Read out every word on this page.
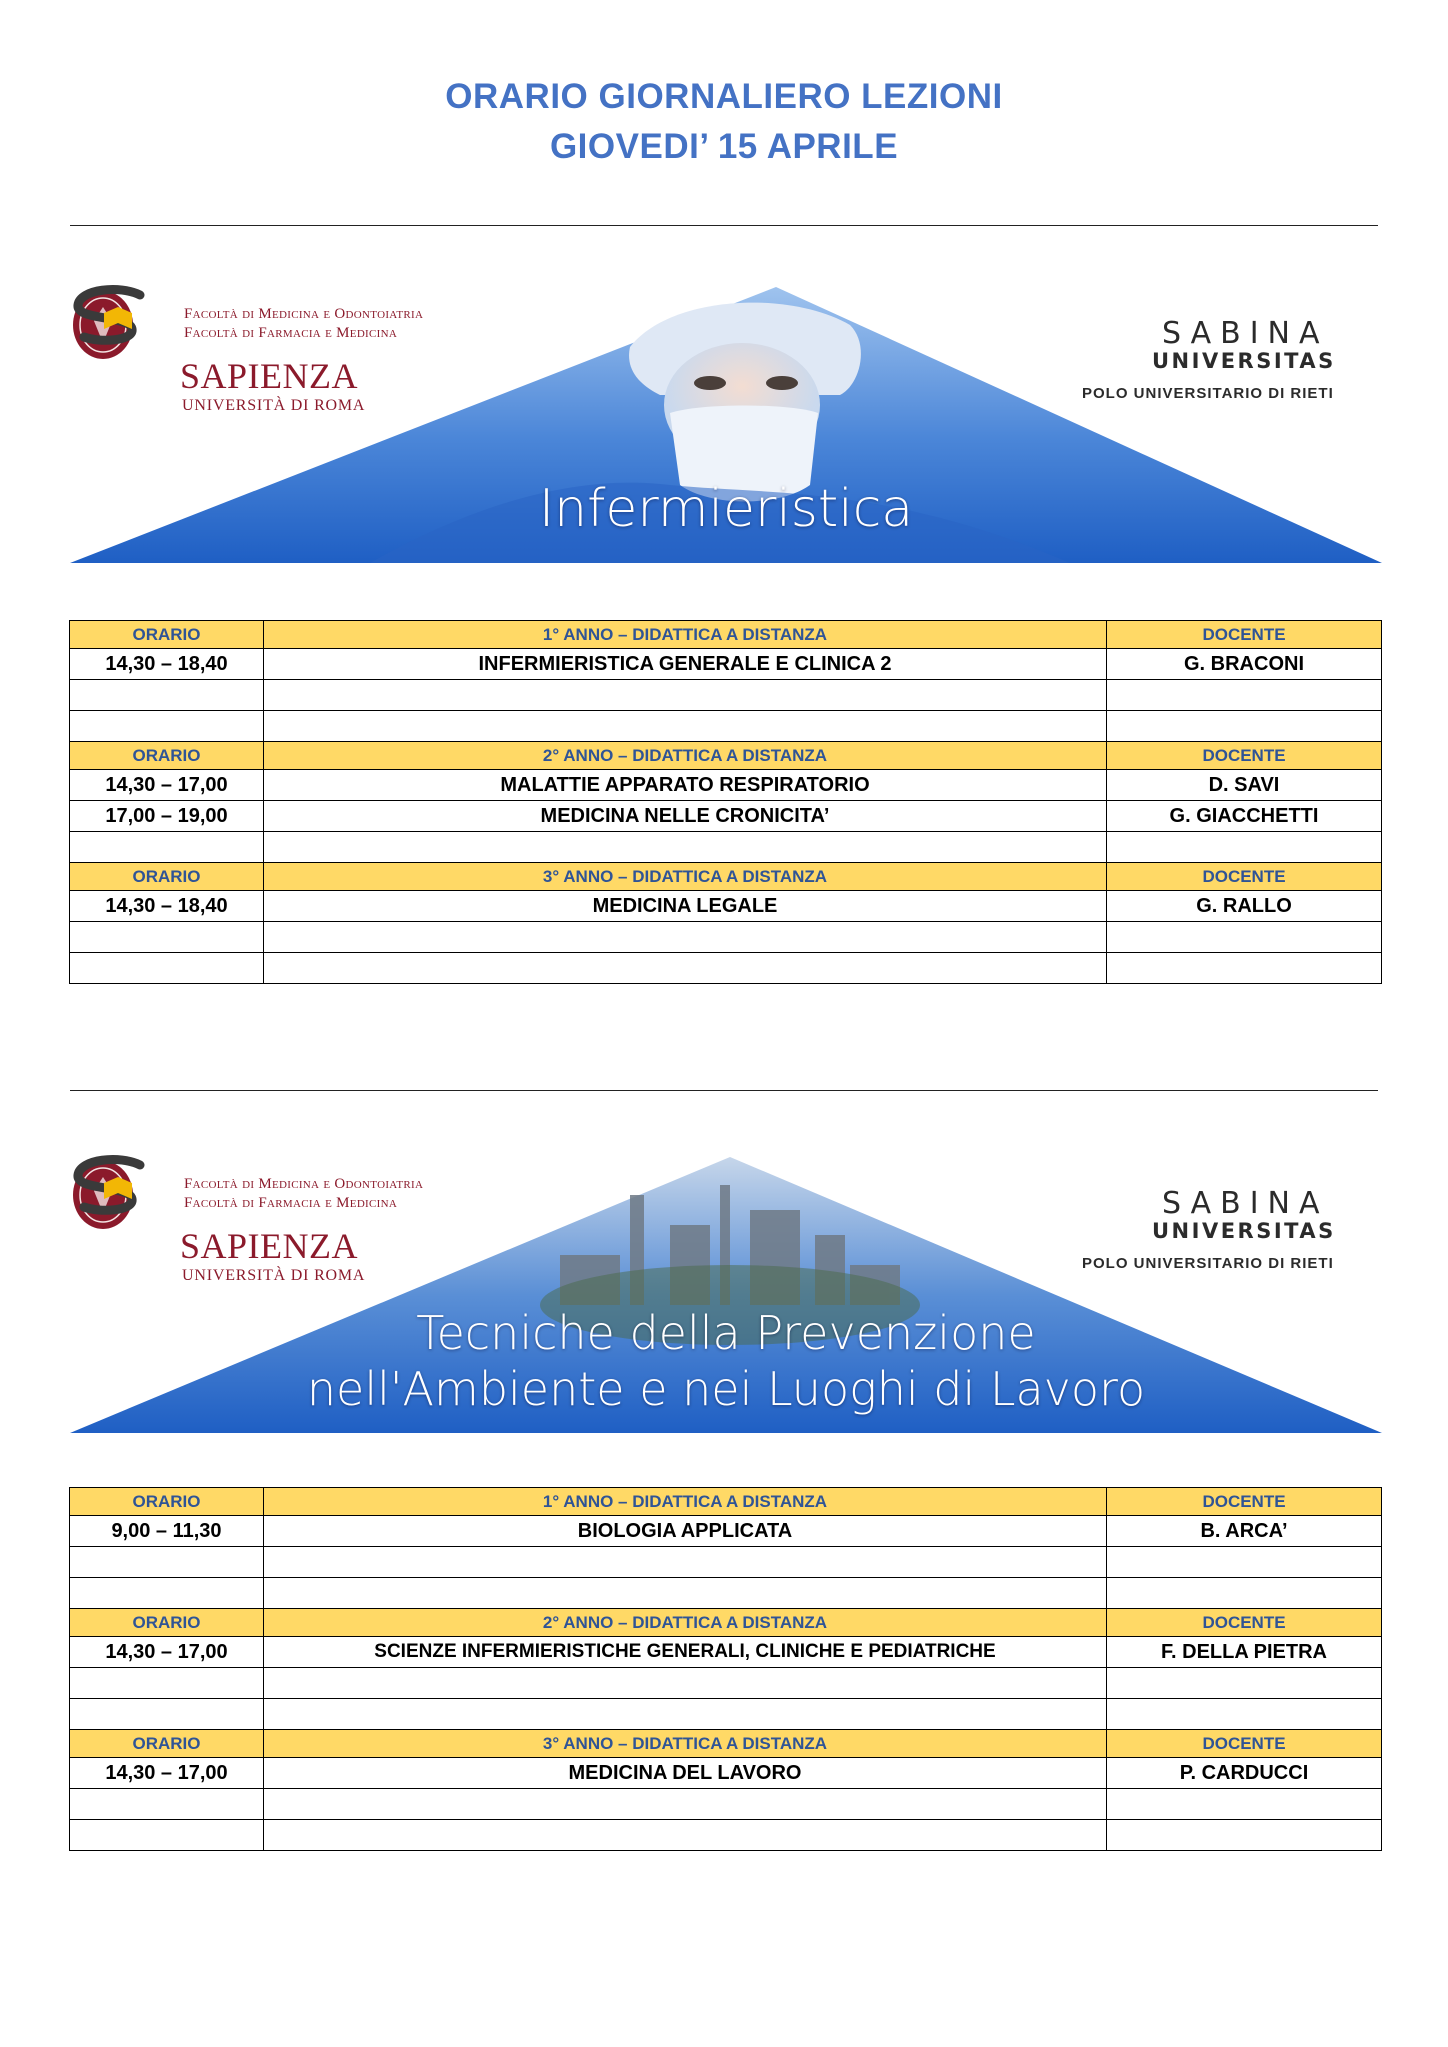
ORARIO GIORNALIERO LEZIONI
GIOVEDI’ 15 APRILE
Facoltà di Medicina e Odontoiatria
Facoltà di Farmacia e Medicina
SAPIENZA
UNIVERSITÀ DI ROMA
SABINA
UNIVERSITAS
POLO UNIVERSITARIO DI RIETI
Infermieristica
ORARIO	1° ANNO – DIDATTICA A DISTANZA	DOCENTE
14,30 – 18,40	INFERMIERISTICA GENERALE E CLINICA 2	G. BRACONI

ORARIO	2° ANNO – DIDATTICA A DISTANZA	DOCENTE
14,30 – 17,00	MALATTIE APPARATO RESPIRATORIO	D. SAVI
17,00 – 19,00	MEDICINA NELLE CRONICITA’	G. GIACCHETTI

ORARIO	3° ANNO – DIDATTICA A DISTANZA	DOCENTE
14,30 – 18,40	MEDICINA LEGALE	G. RALLO

Facoltà di Medicina e Odontoiatria
Facoltà di Farmacia e Medicina
SAPIENZA
UNIVERSITÀ DI ROMA
SABINA
UNIVERSITAS
POLO UNIVERSITARIO DI RIETI
Tecniche della Prevenzione
nell'Ambiente e nei Luoghi di Lavoro
ORARIO	1° ANNO – DIDATTICA A DISTANZA	DOCENTE
9,00 – 11,30	BIOLOGIA APPLICATA	B. ARCA’

ORARIO	2° ANNO – DIDATTICA A DISTANZA	DOCENTE
14,30 – 17,00	SCIENZE INFERMIERISTICHE GENERALI, CLINICHE E PEDIATRICHE	F. DELLA PIETRA

ORARIO	3° ANNO – DIDATTICA A DISTANZA	DOCENTE
14,30 – 17,00	MEDICINA DEL LAVORO	P. CARDUCCI
